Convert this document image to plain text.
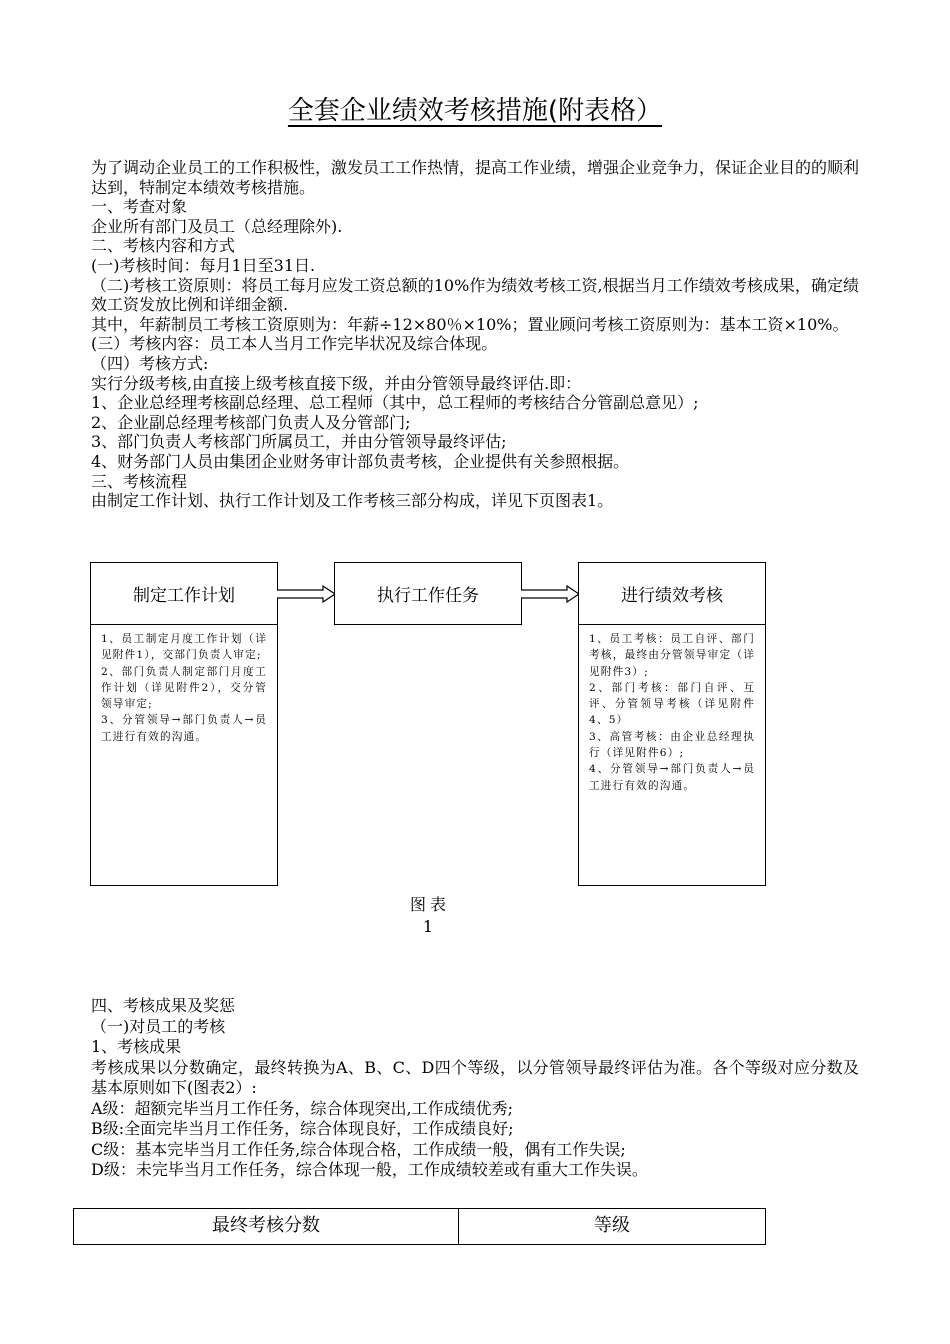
全套企业绩效考核措施(附表格）

为了调动企业员工的工作积极性，激发员工工作热情，提高工作业绩，增强企业竞争力，保证企业目的的顺利达到，特制定本绩效考核措施。

一、考查对象

企业所有部门及员工（总经理除外).

二、考核内容和方式

(一)考核时间：每月1日至31日.

（二)考核工资原则：将员工每月应发工资总额的10%作为绩效考核工资,根据当月工作绩效考核成果，确定绩效工资发放比例和详细金额.

其中，年薪制员工考核工资原则为：年薪÷12×80％×10%；置业顾问考核工资原则为：基本工资×10%。

(三）考核内容：员工本人当月工作完毕状况及综合体现。

（四）考核方式:

实行分级考核,由直接上级考核直接下级，并由分管领导最终评估.即：

1、企业总经理考核副总经理、总工程师（其中，总工程师的考核结合分管副总意见）;

2、企业副总经理考核部门负责人及分管部门;

3、部门负责人考核部门所属员工，并由分管领导最终评估;

4、财务部门人员由集团企业财务审计部负责考核，企业提供有关参照根据。

三、考核流程

由制定工作计划、执行工作计划及工作考核三部分构成，详见下页图表1。

制定工作计划

1、员工制定月度工作计划（详见附件1），交部门负责人审定;

2、部门负责人制定部门月度工作计划（详见附件2），交分管领导审定;

3、分管领导→部门负责人→员工进行有效的沟通。

执行工作任务	进行绩效考核

1、员工考核：员工自评、部门考核，最终由分管领导审定（详见附件3）;

2、部门考核：部门自评、互评、分管领导考核（详见附件4、5）

3、高管考核：由企业总经理执行（详见附件6）;

4、分管领导→部门负责人→员工进行有效的沟通。

图表
1

四、考核成果及奖惩

（一)对员工的考核

1、考核成果

考核成果以分数确定，最终转换为A、B、C、D四个等级，以分管领导最终评估为准。各个等级对应分数及基本原则如下(图表2）:

A级：超额完毕当月工作任务，综合体现突出,工作成绩优秀;

B级:全面完毕当月工作任务，综合体现良好，工作成绩良好;

C级：基本完毕当月工作任务,综合体现合格，工作成绩一般，偶有工作失误;

D级：未完毕当月工作任务，综合体现一般，工作成绩较差或有重大工作失误。

最终考核分数	等级
